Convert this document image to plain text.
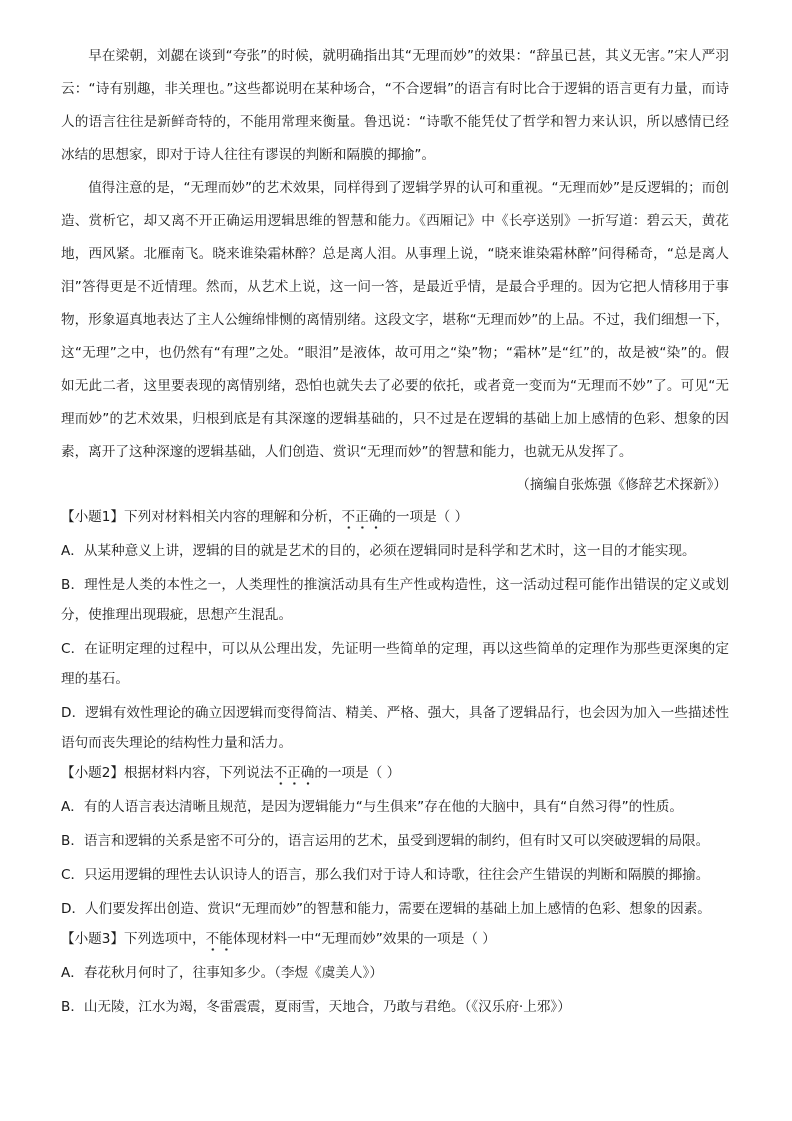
早在梁朝，刘勰在谈到“夸张”的时候，就明确指出其“无理而妙”的效果：“辞虽已甚，其义无害。”宋人严羽云：“诗有别趣，非关理也。”这些都说明在某种场合，“不合逻辑”的语言有时比合于逻辑的语言更有力量，而诗人的语言往往是新鲜奇特的，不能用常理来衡量。鲁迅说：“诗歌不能凭仗了哲学和智力来认识，所以感情已经冰结的思想家，即对于诗人往往有谬误的判断和隔膜的揶揄”。

值得注意的是，“无理而妙”的艺术效果，同样得到了逻辑学界的认可和重视。“无理而妙”是反逻辑的；而创造、赏析它，却又离不开正确运用逻辑思维的智慧和能力。《西厢记》中《长亭送别》一折写道：碧云天，黄花地，西风紧。北雁南飞。晓来谁染霜林醉？总是离人泪。从事理上说，“晓来谁染霜林醉”问得稀奇，“总是离人泪”答得更是不近情理。然而，从艺术上说，这一问一答，是最近乎情，是最合乎理的。因为它把人情移用于事物，形象逼真地表达了主人公缠绵悱恻的离情别绪。这段文字，堪称“无理而妙”的上品。不过，我们细想一下，这“无理”之中，也仍然有“有理”之处。“眼泪”是液体，故可用之“染”物；“霜林”是“红”的，故是被“染”的。假如无此二者，这里要表现的离情别绪，恐怕也就失去了必要的依托，或者竟一变而为“无理而不妙”了。可见“无理而妙”的艺术效果，归根到底是有其深邃的逻辑基础的，只不过是在逻辑的基础上加上感情的色彩、想象的因素，离开了这种深邃的逻辑基础，人们创造、赏识“无理而妙”的智慧和能力，也就无从发挥了。

（摘编自张炼强《修辞艺术探新》）

【小题1】下列对材料相关内容的理解和分析，不正确的一项是（ ）

A．从某种意义上讲，逻辑的目的就是艺术的目的，必须在逻辑同时是科学和艺术时，这一目的才能实现。

B．理性是人类的本性之一，人类理性的推演活动具有生产性或构造性，这一活动过程可能作出错误的定义或划分，使推理出现瑕疵，思想产生混乱。

C．在证明定理的过程中，可以从公理出发，先证明一些简单的定理，再以这些简单的定理作为那些更深奥的定理的基石。

D．逻辑有效性理论的确立因逻辑而变得简洁、精美、严格、强大，具备了逻辑品行，也会因为加入一些描述性语句而丧失理论的结构性力量和活力。

【小题2】根据材料内容，下列说法不正确的一项是（ ）

A．有的人语言表达清晰且规范，是因为逻辑能力“与生俱来”存在他的大脑中，具有“自然习得”的性质。

B．语言和逻辑的关系是密不可分的，语言运用的艺术，虽受到逻辑的制约，但有时又可以突破逻辑的局限。

C．只运用逻辑的理性去认识诗人的语言，那么我们对于诗人和诗歌，往往会产生错误的判断和隔膜的揶揄。

D．人们要发挥出创造、赏识“无理而妙”的智慧和能力，需要在逻辑的基础上加上感情的色彩、想象的因素。

【小题3】下列选项中，不能体现材料一中“无理而妙”效果的一项是（ ）

A．春花秋月何时了，往事知多少。（李煜《虞美人》）

B．山无陵，江水为竭，冬雷震震，夏雨雪，天地合，乃敢与君绝。（《汉乐府·上邪》）
